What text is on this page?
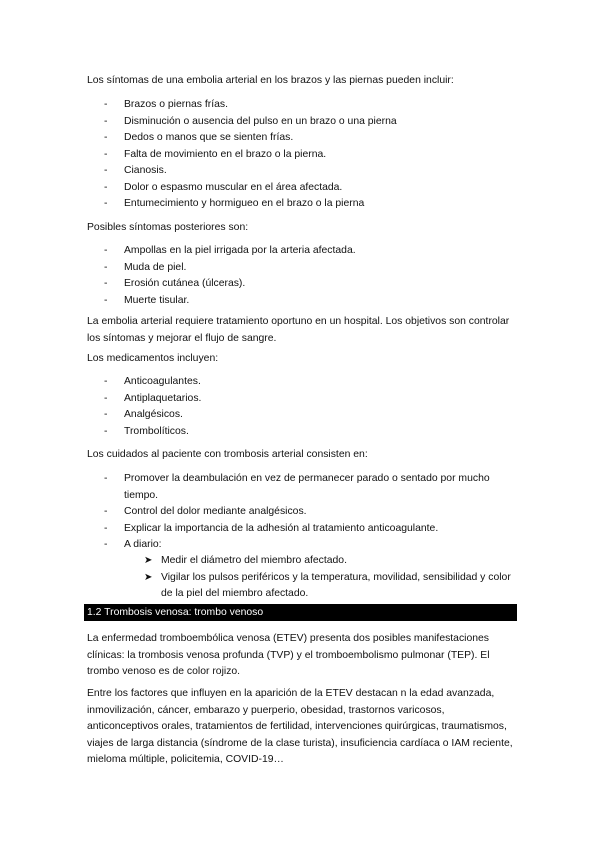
Los síntomas de una embolia arterial en los brazos y las piernas pueden incluir:
-	Brazos o piernas frías.
-	Disminución o ausencia del pulso en un brazo o una pierna
-	Dedos o manos que se sienten frías.
-	Falta de movimiento en el brazo o la pierna.
-	Cianosis.
-	Dolor o espasmo muscular en el área afectada.
-	Entumecimiento y hormigueo en el brazo o la pierna
Posibles síntomas posteriores son:
-	Ampollas en la piel irrigada por la arteria afectada.
-	Muda de piel.
-	Erosión cutánea (úlceras).
-	Muerte tisular.
La embolia arterial requiere tratamiento oportuno en un hospital. Los objetivos son controlar los síntomas y mejorar el flujo de sangre.
Los medicamentos incluyen:
-	Anticoagulantes.
-	Antiplaquetarios.
-	Analgésicos.
-	Trombolíticos.
Los cuidados al paciente con trombosis arterial consisten en:
-	Promover la deambulación en vez de permanecer parado o sentado por mucho tiempo.
-	Control del dolor mediante analgésicos.
-	Explicar la importancia de la adhesión al tratamiento anticoagulante.
-	A diario:
➤ Medir el diámetro del miembro afectado.
➤ Vigilar los pulsos periféricos y la temperatura, movilidad, sensibilidad y color de la piel del miembro afectado.
1.2 Trombosis venosa: trombo venoso
La enfermedad tromboembólica venosa (ETEV) presenta dos posibles manifestaciones clínicas: la trombosis venosa profunda (TVP) y el tromboembolismo pulmonar (TEP). El trombo venoso es de color rojizo.
Entre los factores que influyen en la aparición de la ETEV destacan n la edad avanzada, inmovilización, cáncer, embarazo y puerperio, obesidad, trastornos varicosos, anticonceptivos orales, tratamientos de fertilidad, intervenciones quirúrgicas, traumatismos, viajes de larga distancia (síndrome de la clase turista), insuficiencia cardíaca o IAM reciente, mieloma múltiple, policitemia, COVID-19…
